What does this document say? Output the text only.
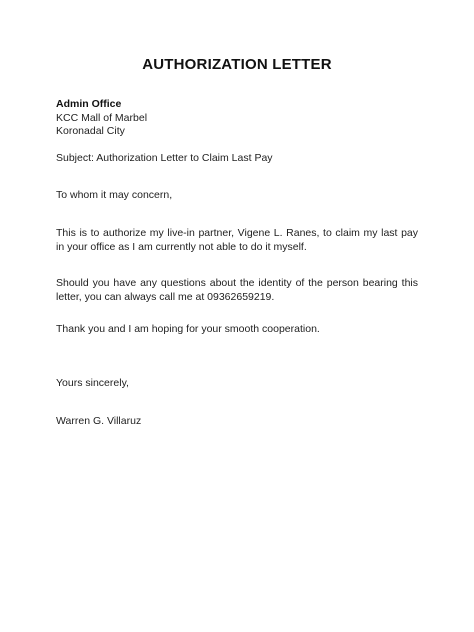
AUTHORIZATION LETTER
Admin Office
KCC Mall of Marbel
Koronadal City
Subject: Authorization Letter to Claim Last Pay
To whom it may concern,
This is to authorize my live-in partner, Vigene L. Ranes, to claim my last pay in your office as I am currently not able to do it myself.
Should you have any questions about the identity of the person bearing this letter, you can always call me at 09362659219.
Thank you and I am hoping for your smooth cooperation.
Yours sincerely,
Warren G. Villaruz
